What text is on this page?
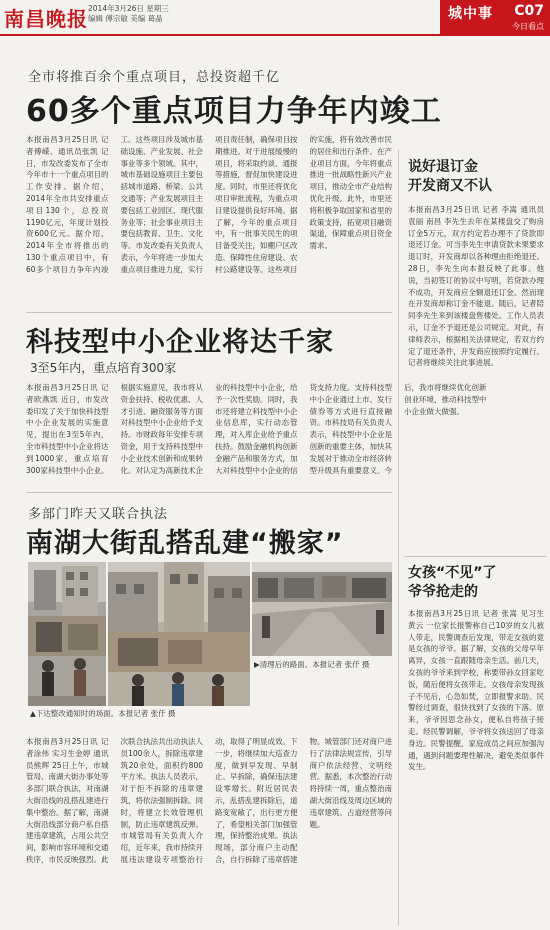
南昌晚报 2014年3月26日 星期三
编辑 傅宗敏 美编 葛晶	城中事 C07
今日看点
全市将推百余个重点项目，总投资超千亿
60多个重点项目力争年内竣工
本报南昌3月25日讯 记者傅嵘、通讯员张凯 记日，市发改委发布了全市今年市十一个重点项目的工作安排。据介绍，2014年全市共安排重点项目130个，总投资1190亿元，年度计划投资600亿元。据介绍，2014年全市将推出的130个重点项目中，有60多个项目力争年内竣工。这些项目涉及城市基础设施、产业发展、社会事业等多个领域。其中，城市基础设施项目主要包括城市道路、桥梁、公共交通等；产业发展项目主要包括工业园区、现代服务业等；社会事业项目主要包括教育、卫生、文化等。市发改委有关负责人表示，今年将进一步加大重点项目推进力度，实行项目责任制，确保项目按期推进。对于进展缓慢的项目，将采取约谈、通报等措施，督促加快建设进度。同时，市里还将优化项目审批流程，为重点项目建设提供良好环境。据了解，今年的重点项目中，有一批事关民生的项目备受关注，如棚户区改造、保障性住房建设、农村公路建设等。这些项目的实施，将有效改善市民的居住和出行条件。在产业项目方面，今年将重点推进一批战略性新兴产业项目，推动全市产业结构优化升级。此外，市里还将积极争取国家和省里的政策支持，拓宽项目融资渠道，保障重点项目资金需求。
科技型中小企业将达千家
3至5年内，重点培育300家
本报南昌3月25日讯 记者欧燕凯 近日，市发改委印发了关于加快科技型中小企业发展的实施意见，提出在3至5年内，全市科技型中小企业将达到1000家，重点培育300家科技型中小企业。根据实施意见，我市将从资金扶持、税收优惠、人才引进、融资服务等方面对科技型中小企业给予支持。市财政每年安排专项资金，用于支持科技型中小企业技术创新和成果转化。对认定为高新技术企业的科技型中小企业，给予一次性奖励。同时，我市还将建立科技型中小企业信息库，实行动态管理，对入库企业给予重点扶持。鼓励金融机构创新金融产品和服务方式，加大对科技型中小企业的信贷支持力度。支持科技型中小企业通过上市、发行债券等方式进行直接融资。市科技局有关负责人表示，科技型中小企业是创新的重要主体，加快其发展对于推动全市经济转型升级具有重要意义。今后，我市将继续优化创新创业环境，推动科技型中小企业做大做强。
多部门昨天又联合执法
南湖大街乱搭乱建“搬家”
▶清理后的路面。本报记者 张仟 摄
▲下达整改通知时的场面。本报记者 张仟 摄
本报南昌3月25日讯 记者涂伟 实习生金婷 通讯员熊辉 25日上午，市城管局、南湖大街办事处等多部门联合执法，对南湖大街沿线的乱搭乱建进行集中整治。据了解，南湖大街沿线部分商户私自搭建违章建筑，占用公共空间，影响市容环境和交通秩序，市民反映强烈。此次联合执法共出动执法人员100余人，拆除违章建筑20余处，面积约800平方米。执法人员表示，对于拒不拆除的违章建筑，将依法强制拆除。同时，将建立长效管理机制，防止违章建筑反弹。市城管局有关负责人介绍，近年来，我市持续开展违法建设专项整治行动，取得了明显成效。下一步，将继续加大巡查力度，做到早发现、早制止、早拆除，确保违法建设零增长。附近居民表示，乱搭乱建拆除后，道路变宽敞了，出行更方便了，希望相关部门加强管理，保持整治成果。执法现场，部分商户主动配合，自行拆除了违章搭建物。城管部门还对商户进行了法律法规宣传，引导商户依法经营、文明经营。据悉，本次整治行动将持续一周，重点整治南湖大街沿线及周边区域的违章建筑、占道经营等问题。
说好退订金
开发商又不认
本报南昌3月25日讯 记者 李嵩 通讯员 袁丽 南昌 李先生去年在某楼盘交了购房订金5万元，双方约定若办理不了贷款即退还订金。可当李先生申请贷款未果要求退订时，开发商却以各种理由拒绝退还。28日，李先生向本报反映了此事。他说，当初签订的协议中写明，若贷款办理不成功，开发商应全额退还订金。然而现在开发商却称订金不能退。随后，记者陪同李先生来到该楼盘售楼处。工作人员表示，订金不予退还是公司规定。对此，有律师表示，根据相关法律规定，若双方约定了退还条件，开发商应按照约定履行。记者将继续关注此事进展。
女孩“不见”了
爷爷抢走的
本报南昌3月25日讯 记者 张嵩 见习生 黄云 一位家长报警称自己10岁的女儿被人带走，民警调查后发现，带走女孩的竟是女孩的爷爷。据了解，女孩的父母早年离异，女孩一直跟随母亲生活。前几天，女孩的爷爷来到学校，称要带孙女回家吃饭，随后便将女孩带走。女孩母亲发现孩子不见后，心急如焚，立即报警求助。民警经过调查，很快找到了女孩的下落。原来，爷爷因思念孙女，便私自将孩子接走。经民警调解，爷爷将女孩送回了母亲身边。民警提醒，家庭成员之间应加强沟通，遇到问题要理性解决，避免类似事件发生。
